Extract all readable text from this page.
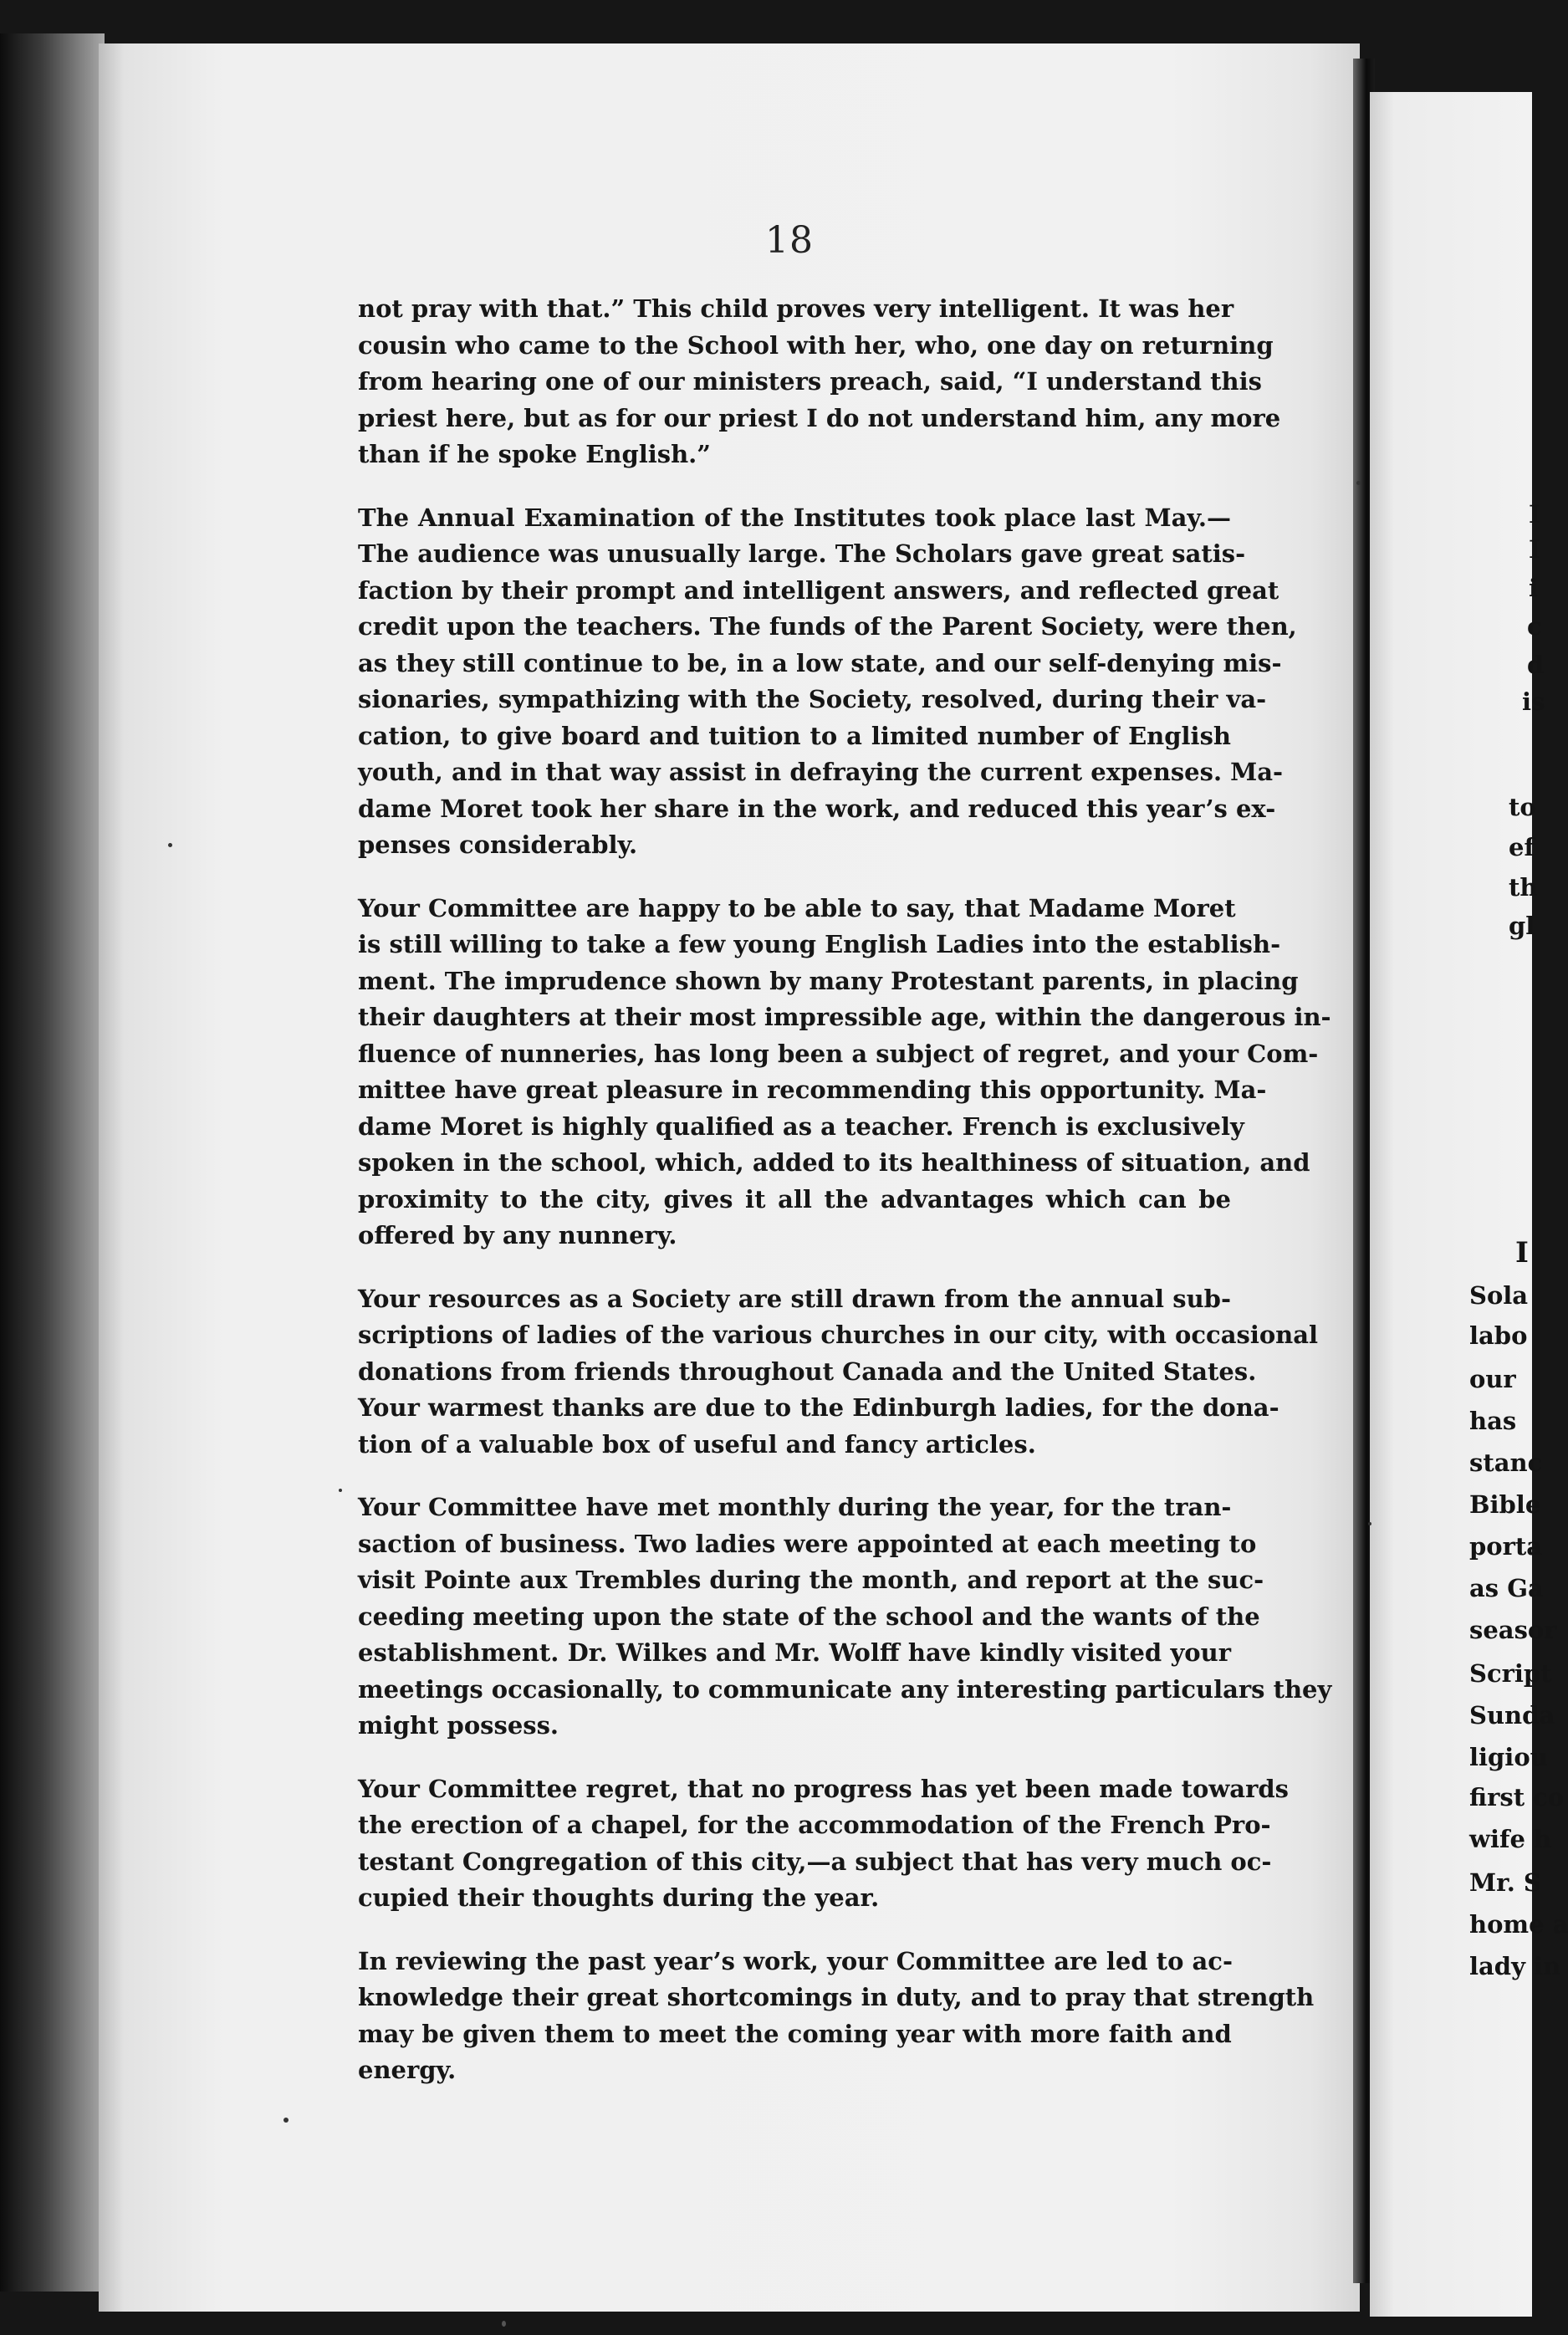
18
not pray with that.” This child proves very intelligent. It was her
cousin who came to the School with her, who, one day on returning
from hearing one of our ministers preach, said, “I understand this
priest here, but as for our priest I do not understand him, any more
than if he spoke English.”
The Annual Examination of the Institutes took place last May.—
The audience was unusually large. The Scholars gave great satis-
faction by their prompt and intelligent answers, and reflected great
credit upon the teachers. The funds of the Parent Society, were then,
as they still continue to be, in a low state, and our self-denying mis-
sionaries, sympathizing with the Society, resolved, during their va-
cation, to give board and tuition to a limited number of English
youth, and in that way assist in defraying the current expenses. Ma-
dame Moret took her share in the work, and reduced this year’s ex-
penses considerably.
Your Committee are happy to be able to say, that Madame Moret
is still willing to take a few young English Ladies into the establish-
ment. The imprudence shown by many Protestant parents, in placing
their daughters at their most impressible age, within the dangerous in-
fluence of nunneries, has long been a subject of regret, and your Com-
mittee have great pleasure in recommending this opportunity. Ma-
dame Moret is highly qualified as a teacher. French is exclusively
spoken in the school, which, added to its healthiness of situation, and
proximity to the city, gives it all the advantages which can be
offered by any nunnery.
Your resources as a Society are still drawn from the annual sub-
scriptions of ladies of the various churches in our city, with occasional
donations from friends throughout Canada and the United States.
Your warmest thanks are due to the Edinburgh ladies, for the dona-
tion of a valuable box of useful and fancy articles.
Your Committee have met monthly during the year, for the tran-
saction of business. Two ladies were appointed at each meeting to
visit Pointe aux Trembles during the month, and report at the suc-
ceeding meeting upon the state of the school and the wants of the
establishment. Dr. Wilkes and Mr. Wolff have kindly visited your
meetings occasionally, to communicate any interesting particulars they
might possess.
Your Committee regret, that no progress has yet been made towards
the erection of a chapel, for the accommodation of the French Pro-
testant Congregation of this city,—a subject that has very much oc-
cupied their thoughts during the year.
In reviewing the past year’s work, your Committee are led to ac-
knowledge their great shortcomings in duty, and to pray that strength
may be given them to meet the coming year with more faith and
energy.
I
I
i
c
d
is
to
ef
th
gl
I
Sola
labo
our
has
stanc
Bible
porta
as Ga
seasor
Script
Sunda
ligiou
first co
wife h
Mr. S
home a
lady in
